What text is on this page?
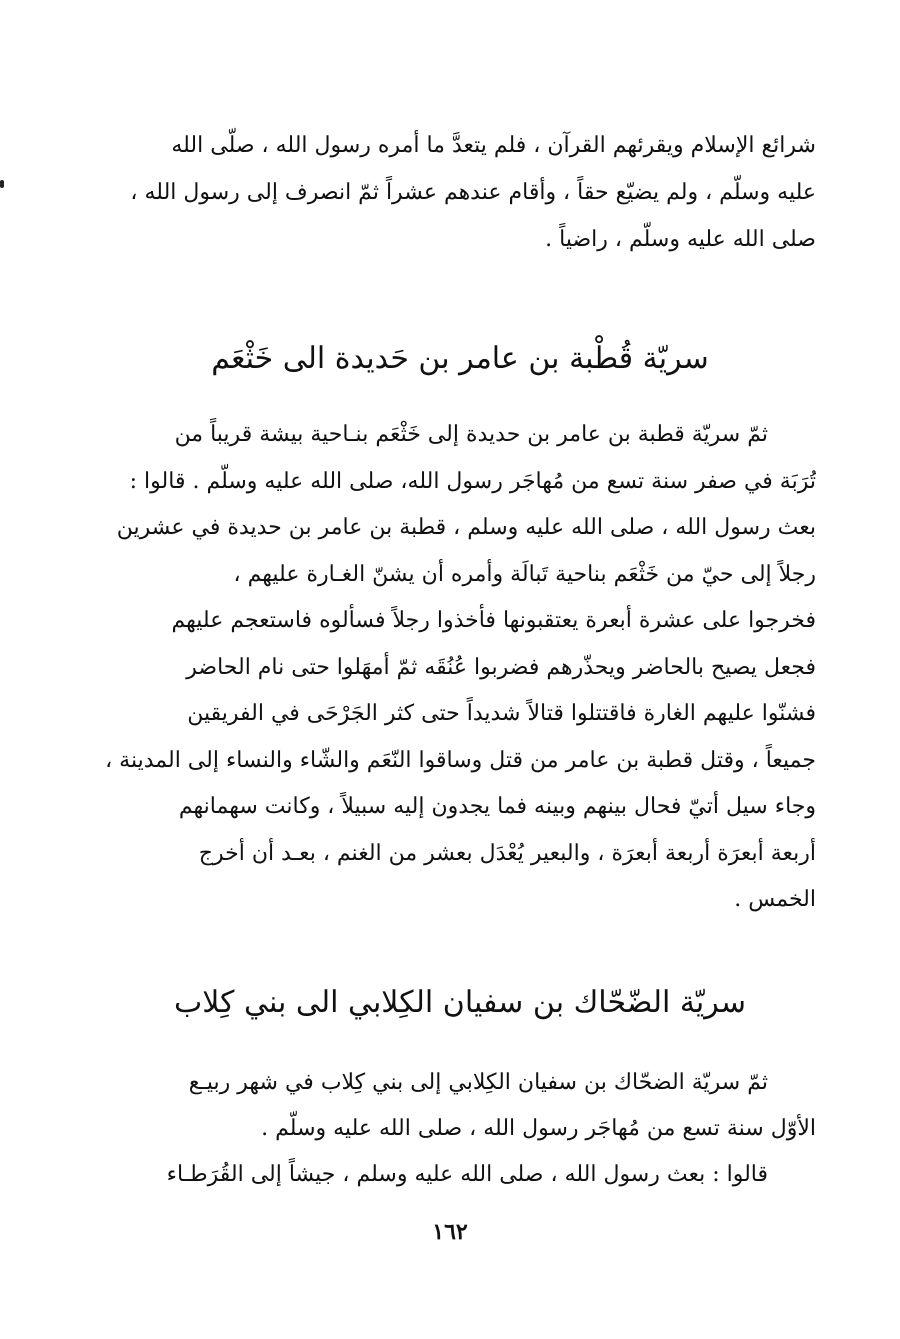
شرائع الإسلام ويقرئهم القرآن ، فلم يتعدَّ ما أمره رسول الله ، صلّى الله
عليه وسلّم ، ولم يضيّع حقاً ، وأقام عندهم عشراً ثمّ انصرف إلى رسول الله ،
صلى الله عليه وسلّم ، راضياً .
سريّة قُطْبة بن عامر بن حَديدة الى خَثْعَم
ثمّ سريّة قطبة بن عامر بن حديدة إلى خَثْعَم بنـاحية بيشة قريباً من
تُرَبَة في صفر سنة تسع من مُهاجَر رسول الله، صلى الله عليه وسلّم . قالوا :
بعث رسول الله ، صلى الله عليه وسلم ، قطبة بن عامر بن حديدة في عشرين
رجلاً إلى حيّ من خَثْعَم بناحية تَبالَة وأمره أن يشنّ الغـارة عليهم ،
فخرجوا على عشرة أبعرة يعتقبونها فأخذوا رجلاً فسألوه فاستعجم عليهم
فجعل يصيح بالحاضر ويحذّرهم فضربوا عُنُقَه ثمّ أمهَلوا حتى نام الحاضر
فشنّوا عليهم الغارة فاقتتلوا قتالاً شديداً حتى كثر الجَرْحَى في الفريقين
جميعاً ، وقتل قطبة بن عامر من قتل وساقوا النّعَم والشّاء والنساء إلى المدينة ،
وجاء سيل أتيّ فحال بينهم وبينه فما يجدون إليه سبيلاً ، وكانت سهمانهم
أربعة أبعرَة أربعة أبعرَة ، والبعير يُعْدَل بعشر من الغنم ، بعـد أن أخرج
الخمس .
سريّة الضّحّاك بن سفيان الكِلابي الى بني كِلاب
ثمّ سريّة الضحّاك بن سفيان الكِلابي إلى بني كِلاب في شهر ربيـع
الأوّل سنة تسع من مُهاجَر رسول الله ، صلى الله عليه وسلّم .
قالوا : بعث رسول الله ، صلى الله عليه وسلم ، جيشاً إلى القُرَطـاء
١٦٢
